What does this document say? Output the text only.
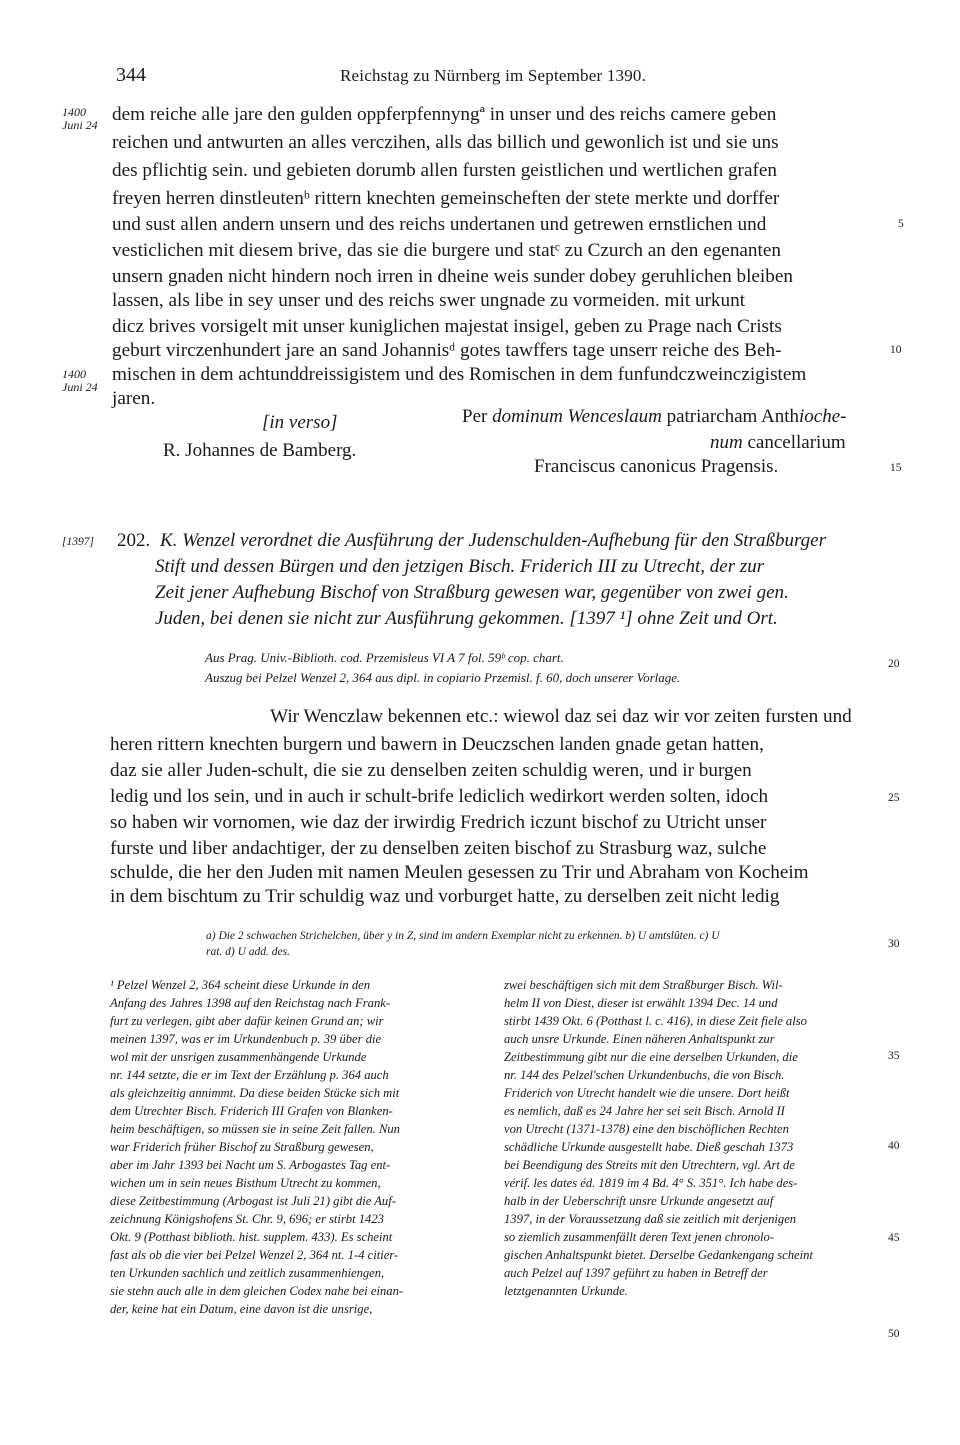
344	Reichstag zu Nürnberg im September 1390.
1400
Juni 24
1400
Juni 24
dem reiche alle jare den gulden oppferpfennyngª in unser und des reichs camere geben
reichen und antwurten an alles verczihen, alls das billich und gewonlich ist und sie uns
des pflichtig sein. und gebieten dorumb allen fursten geistlichen und wertlichen grafen
freyen herren dinstleutenᵇ rittern knechten gemeinscheften der stete merkte und dorffer
und sust allen andern unsern und des reichs undertanen und getrewen ernstlichen und
vesticlichen mit diesem brive, das sie die burgere und statᶜ zu Czurch an den egenanten
unsern gnaden nicht hindern noch irren in dheine weis sunder dobey geruhlichen bleiben
lassen, als libe in sey unser und des reichs swer ungnade zu vormeiden. mit urkunt
dicz brives vorsigelt mit unser kuniglichen majestat insigel, geben zu Prage nach Crists
geburt virczenhundert jare an sand Johannisᵈ gotes tawffers tage unserr reiche des Beh-
mischen in dem achtunddreissigistem und des Romischen in dem funfundczweinczigistem
jaren.
[in verso]
R. Johannes de Bamberg.
Per dominum Wenceslaum patriarcham Anthioche-
num cancellarium
Franciscus canonicus Pragensis.
[1397] 202. K. Wenzel verordnet die Ausführung der Judenschulden-Aufhebung für den Straßburger
Stift und dessen Bürgen und den jetzigen Bisch. Friderich III zu Utrecht, der zur
Zeit jener Aufhebung Bischof von Straßburg gewesen war, gegenüber von zwei gen.
Juden, bei denen sie nicht zur Ausführung gekommen. [1397 ¹] ohne Zeit und Ort.
Aus Prag. Univ.-Biblioth. cod. Przemisleus VI A 7 fol. 59ᵇ cop. chart.
Auszug bei Pelzel Wenzel 2, 364 aus dipl. in copiario Przemisl. f. 60, doch unserer Vorlage.
Wir Wenczlaw bekennen etc.: wiewol daz sei daz wir vor zeiten fursten und
heren rittern knechten burgern und bawern in Deuczschen landen gnade getan hatten,
daz sie aller Juden-schult, die sie zu denselben zeiten schuldig weren, und ir burgen
ledig und los sein, und in auch ir schult-brife lediclich wedirkort werden solten, idoch
so haben wir vornomen, wie daz der irwirdig Fredrich iczunt bischof zu Utricht unser
furste und liber andachtiger, der zu denselben zeiten bischof zu Strasburg waz, sulche
schulde, die her den Juden mit namen Meulen gesessen zu Trir und Abraham von Kocheim
in dem bischtum zu Trir schuldig waz und vorburget hatte, zu derselben zeit nicht ledig
a) Die 2 schwachen Strichelchen, über y in Z, sind im andern Exemplar nicht zu erkennen. b) U amtslûten. c) U
rat. d) U add. des.
¹ Pelzel Wenzel 2, 364 scheint diese Urkunde in den
Anfang des Jahres 1398 auf den Reichstag nach Frank-
furt zu verlegen, gibt aber dafür keinen Grund an; wir
meinen 1397, was er im Urkundenbuch p. 39 über die
wol mit der unsrigen zusammenhängende Urkunde
nr. 144 setzte, die er im Text der Erzählung p. 364 auch
als gleichzeitig annimmt. Da diese beiden Stücke sich mit
dem Utrechter Bisch. Friderich III Grafen von Blanken-
heim beschäftigen, so müssen sie in seine Zeit fallen. Nun
war Friderich früher Bischof zu Straßburg gewesen,
aber im Jahr 1393 bei Nacht um S. Arbogastes Tag ent-
wichen um in sein neues Bisthum Utrecht zu kommen,
diese Zeitbestimmung (Arbogast ist Juli 21) gibt die Auf-
zeichnung Königshofens St. Chr. 9, 696; er stirbt 1423
Okt. 9 (Potthast biblioth. hist. supplem. 433). Es scheint
fast als ob die vier bei Pelzel Wenzel 2, 364 nt. 1-4 citier-
ten Urkunden sachlich und zeitlich zusammenhiengen,
sie stehn auch alle in dem gleichen Codex nahe bei einan-
der, keine hat ein Datum, eine davon ist die unsrige,
zwei beschäftigen sich mit dem Straßburger Bisch. Wil-
helm II von Diest, dieser ist erwählt 1394 Dec. 14 und
stirbt 1439 Okt. 6 (Potthast l. c. 416), in diese Zeit fiele also
auch unsre Urkunde. Einen näheren Anhaltspunkt zur
Zeitbestimmung gibt nur die eine derselben Urkunden, die
nr. 144 des Pelzel'schen Urkundenbuchs, die von Bisch.
Friderich von Utrecht handelt wie die unsere. Dort heißt
es nemlich, daß es 24 Jahre her sei seit Bisch. Arnold II
von Utrecht (1371-1378) eine den bischöflichen Rechten
schädliche Urkunde ausgestellt habe. Dieß geschah 1373
bei Beendigung des Streits mit den Utrechtern, vgl. Art de
vérif. les dates éd. 1819 im 4 Bd. 4° S. 351°. Ich habe des-
halb in der Ueberschrift unsre Urkunde angesetzt auf
1397, in der Voraussetzung daß sie zeitlich mit derjenigen
so ziemlich zusammenfällt deren Text jenen chronolo-
gischen Anhaltspunkt bietet. Derselbe Gedankengang scheint
auch Pelzel auf 1397 geführt zu haben in Betreff der
letztgenannten Urkunde.
5
10
15
20
25
30
35
40
45
50
